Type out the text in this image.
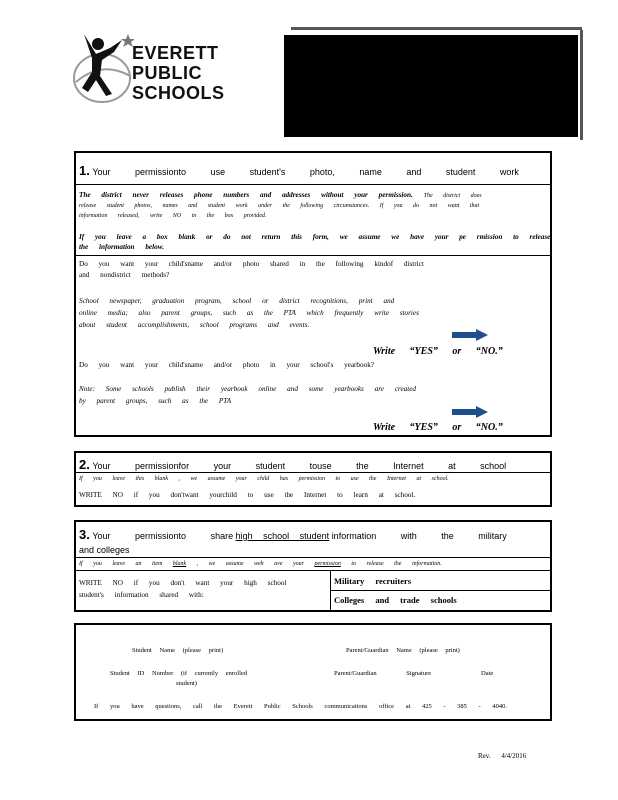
EVERETT
PUBLIC
SCHOOLS
1. Your permissionto use student's photo, name and student work
The district never releases phone numbers and addresses without your permission. The district does
release student photos, names and student work under the following circumstances. If you do not want that
information released, write NO in the box provided.
If you leave a box blank or do not return this form, we assume we have your pe rmission to release
the information below.
Do you want your child'sname and/or photo shared in the following kindof district
and nondistrict methods?
School newspaper, graduation program, school or district recognitions, print and
online media; also parent groups, such as the PTA which frequently write stories
about student accomplishments, school programs and events.
Write “YES” or “NO.”
Do you want your child'sname and/or photo in your school's yearbook?
Note: Some schools publish their yearbook online and some yearbooks are created
by parent groups, such as the PTA
Write “YES” or “NO.”
2. Your permissionfor your student touse the Internet at school
If you leave this blank , we assume your child has permission to use the Internet at school.
WRITE NO if you don'twant yourchild to use the Internet to learn at school.
3. Your permissionto share high school student information with the military
and colleges
If you leave an item blank , we assume weh ave your permission to release the information.
WRITE NO if you don't want your high school
student's information shared with:
Military recruiters
Colleges and trade schools
Student Name (please print)	Parent/Guardian Name (please print)
Student ID Number (if currently enrolled
student)
Parent/Guardian Signature	Date
If you have questions, call the Everett Public Schools communications office at 425 - 385 - 4040.
Rev. 4/4/2016
